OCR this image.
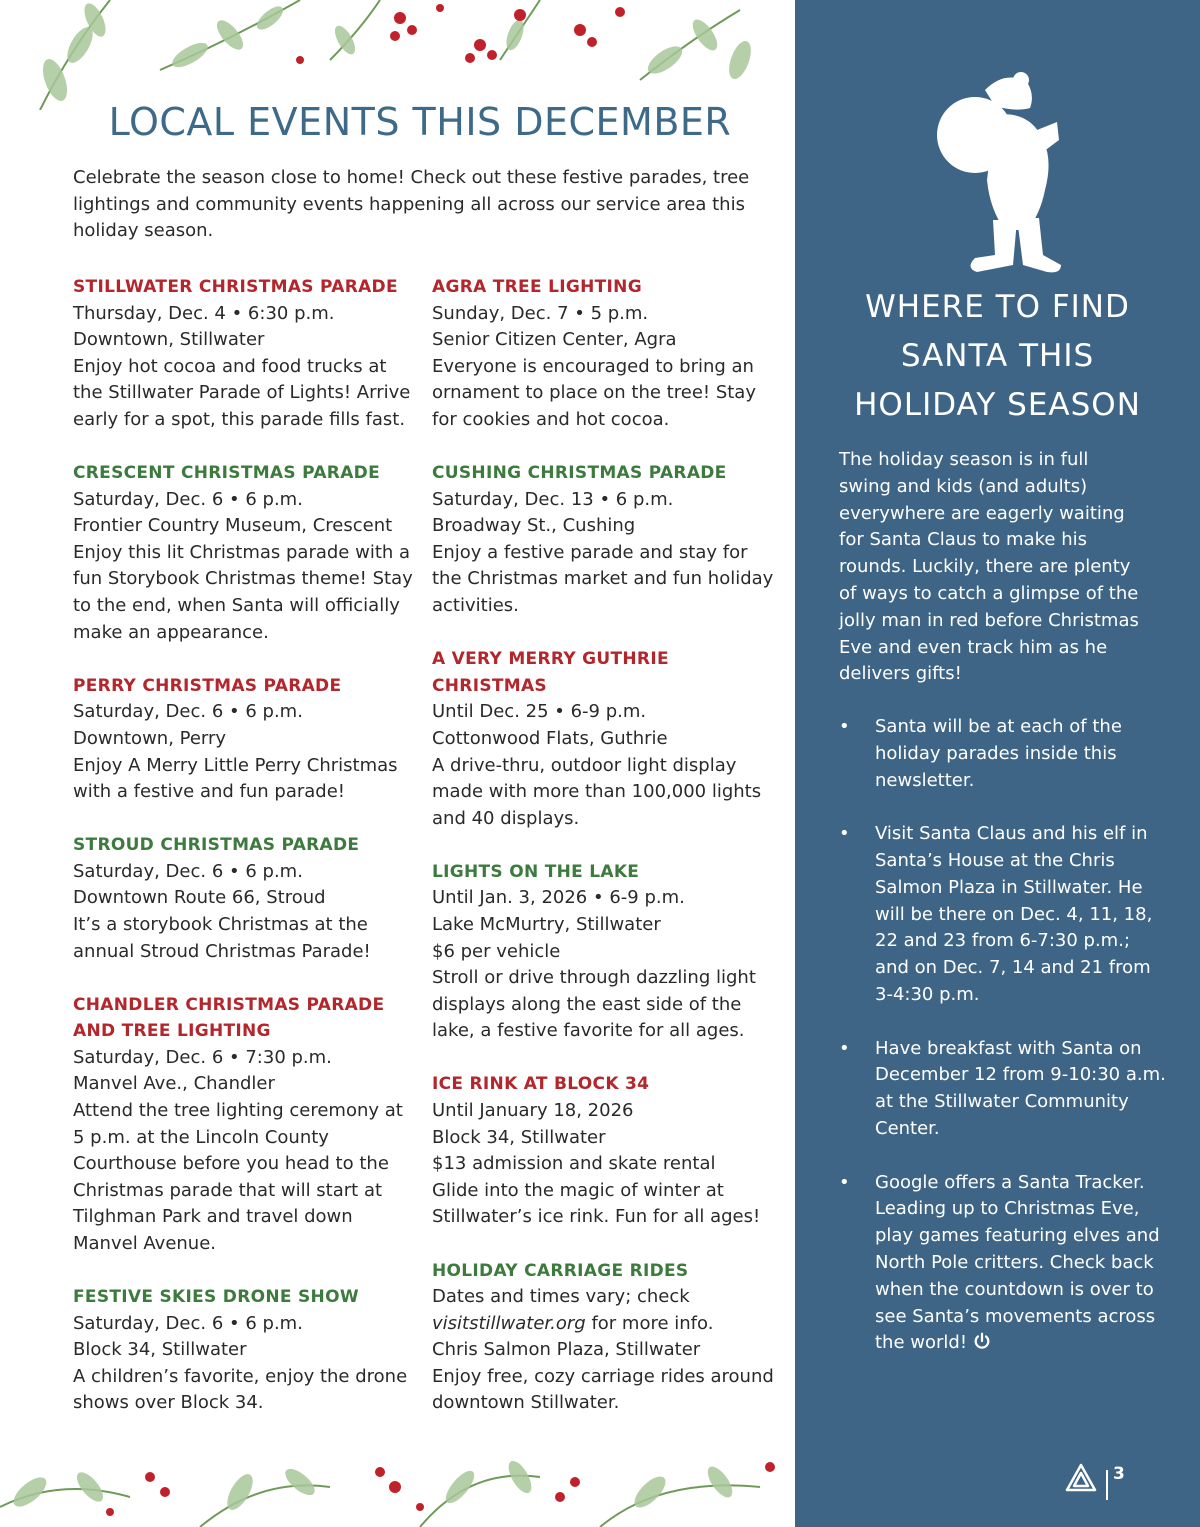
LOCAL EVENTS THIS DECEMBER

Celebrate the season close to home! Check out these festive parades, tree lightings and community events happening all across our service area this holiday season.

STILLWATER CHRISTMAS PARADE

Thursday, Dec. 4 • 6:30 p.m.

Downtown, Stillwater

Enjoy hot cocoa and food trucks at the Stillwater Parade of Lights! Arrive early for a spot, this parade fills fast.

CRESCENT CHRISTMAS PARADE

Saturday, Dec. 6 • 6 p.m.

Frontier Country Museum, Crescent

Enjoy this lit Christmas parade with a fun Storybook Christmas theme! Stay to the end, when Santa will officially make an appearance.

PERRY CHRISTMAS PARADE

Saturday, Dec. 6 • 6 p.m.

Downtown, Perry

Enjoy A Merry Little Perry Christmas with a festive and fun parade!

STROUD CHRISTMAS PARADE

Saturday, Dec. 6 • 6 p.m.

Downtown Route 66, Stroud

It’s a storybook Christmas at the annual Stroud Christmas Parade!

CHANDLER CHRISTMAS PARADE AND TREE LIGHTING

Saturday, Dec. 6 • 7:30 p.m.

Manvel Ave., Chandler

Attend the tree lighting ceremony at 5 p.m. at the Lincoln County Courthouse before you head to the Christmas parade that will start at Tilghman Park and travel down Manvel Avenue.

FESTIVE SKIES DRONE SHOW

Saturday, Dec. 6 • 6 p.m.

Block 34, Stillwater

A children’s favorite, enjoy the drone shows over Block 34.

AGRA TREE LIGHTING

Sunday, Dec. 7 • 5 p.m.

Senior Citizen Center, Agra

Everyone is encouraged to bring an ornament to place on the tree! Stay for cookies and hot cocoa.

CUSHING CHRISTMAS PARADE

Saturday, Dec. 13 • 6 p.m.

Broadway St., Cushing

Enjoy a festive parade and stay for the Christmas market and fun holiday activities.

A VERY MERRY GUTHRIE CHRISTMAS

Until Dec. 25 • 6-9 p.m.

Cottonwood Flats, Guthrie

A drive-thru, outdoor light display made with more than 100,000 lights and 40 displays.

LIGHTS ON THE LAKE

Until Jan. 3, 2026 • 6-9 p.m.

Lake McMurtry, Stillwater

$6 per vehicle

Stroll or drive through dazzling light displays along the east side of the lake, a festive favorite for all ages.

ICE RINK AT BLOCK 34

Until January 18, 2026

Block 34, Stillwater

$13 admission and skate rental

Glide into the magic of winter at Stillwater’s ice rink. Fun for all ages!

HOLIDAY CARRIAGE RIDES

Dates and times vary; check

visitstillwater.org for more info.

Chris Salmon Plaza, Stillwater

Enjoy free, cozy carriage rides around downtown Stillwater.

WHERE TO FIND SANTA THIS HOLIDAY SEASON

The holiday season is in full swing and kids (and adults) everywhere are eagerly waiting for Santa Claus to make his rounds. Luckily, there are plenty of ways to catch a glimpse of the jolly man in red before Christmas Eve and even track him as he delivers gifts!

• Santa will be at each of the holiday parades inside this newsletter.
• Visit Santa Claus and his elf in Santa’s House at the Chris Salmon Plaza in Stillwater. He will be there on Dec. 4, 11, 18, 22 and 23 from 6-7:30 p.m.; and on Dec. 7, 14 and 21 from 3-4:30 p.m.
• Have breakfast with Santa on December 12 from 9-10:30 a.m. at the Stillwater Community Center.
• Google offers a Santa Tracker. Leading up to Christmas Eve, play games featuring elves and North Pole critters. Check back when the countdown is over to see Santa’s movements across the world!
3
